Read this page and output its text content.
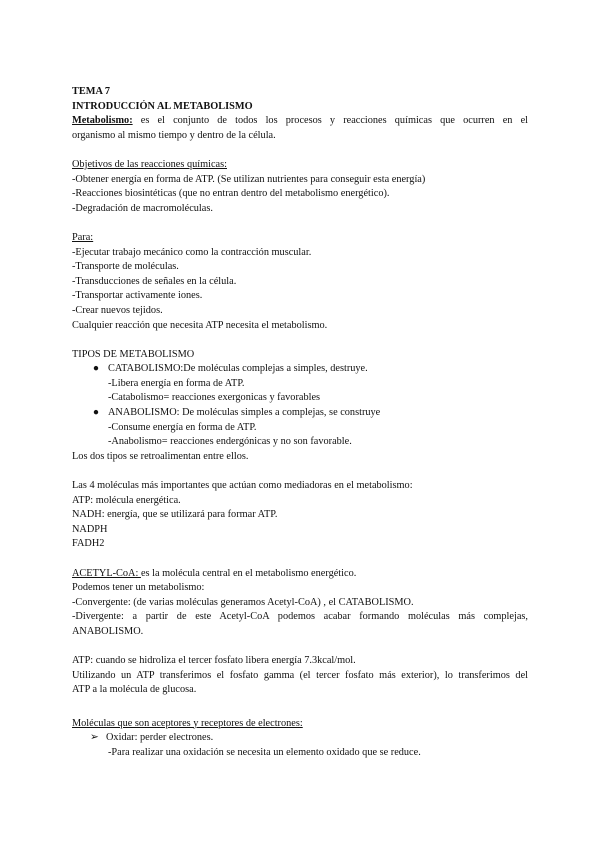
TEMA 7
INTRODUCCIÓN AL METABOLISMO
Metabolismo: es el conjunto de todos los procesos y reacciones químicas que ocurren en el
organismo al mismo tiempo y dentro de la célula.
Objetivos de las reacciones químicas:
-Obtener energía en forma de ATP. (Se utilizan nutrientes para conseguir esta energía)
-Reacciones biosintéticas (que no entran dentro del metabolismo energético).
-Degradación de macromoléculas.
Para:
-Ejecutar trabajo mecánico como la contracción muscular.
-Transporte de moléculas.
-Transducciones de señales en la célula.
-Transportar activamente iones.
-Crear nuevos tejidos.
Cualquier reacción que necesita ATP necesita el metabolismo.
TIPOS DE METABOLISMO
● CATABOLISMO:De moléculas complejas a simples, destruye.
-Libera energía en forma de ATP.
-Catabolismo= reacciones exergonicas y favorables
● ANABOLISMO: De moléculas simples a complejas, se construye
-Consume energía en forma de ATP.
-Anabolismo= reacciones endergónicas y no son favorable.
Los dos tipos se retroalimentan entre ellos.
Las 4 moléculas más importantes que actúan como mediadoras en el metabolismo:
ATP: molécula energética.
NADH: energía, que se utilizará para formar ATP.
NADPH
FADH2
ACETYL-CoA: es la molécula central en el metabolismo energético.
Podemos tener un metabolismo:
-Convergente: (de varias moléculas generamos Acetyl-CoA) , el CATABOLISMO.
-Divergente: a partir de este Acetyl-CoA podemos acabar formando moléculas más complejas,
ANABOLISMO.
ATP: cuando se hidroliza el tercer fosfato libera energía 7.3kcal/mol.
Utilizando un ATP transferimos el fosfato gamma (el tercer fosfato más exterior), lo transferimos del
ATP a la molécula de glucosa.
Moléculas que son aceptores y receptores de electrones:
➢ Oxidar: perder electrones.
-Para realizar una oxidación se necesita un elemento oxidado que se reduce.
